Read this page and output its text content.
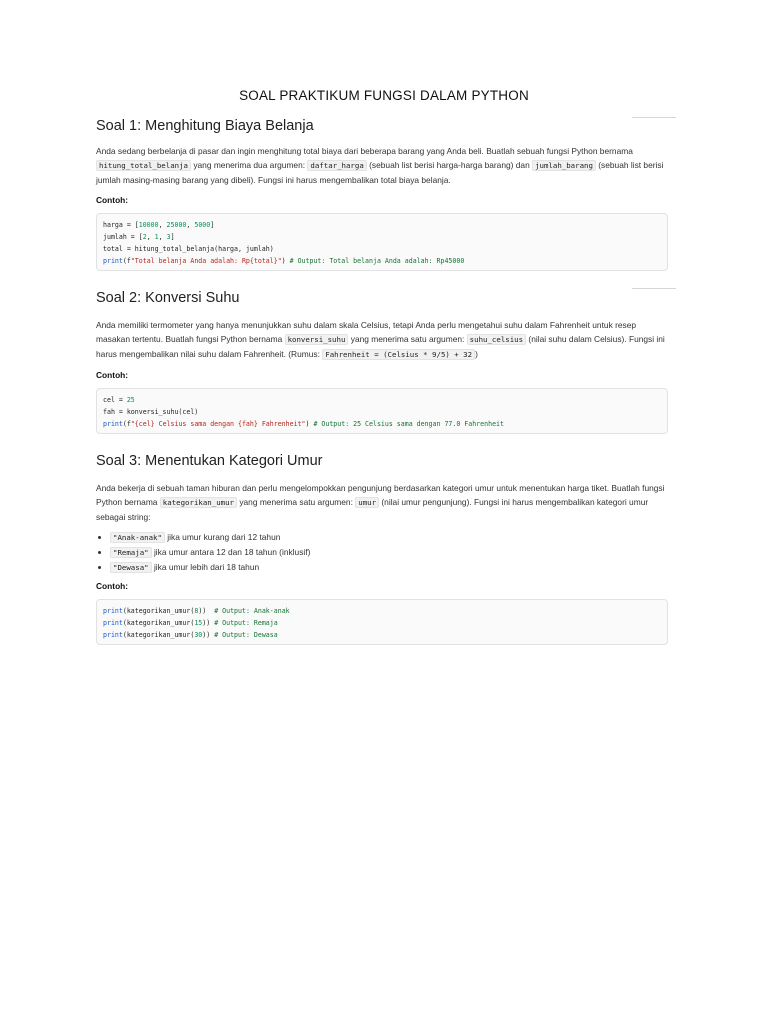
SOAL PRAKTIKUM FUNGSI DALAM PYTHON
Soal 1: Menghitung Biaya Belanja

Anda sedang berbelanja di pasar dan ingin menghitung total biaya dari beberapa barang yang Anda beli. Buatlah sebuah fungsi Python bernama hitung_total_belanja yang menerima dua argumen: daftar_harga (sebuah list berisi harga-harga barang) dan jumlah_barang (sebuah list berisi jumlah masing-masing barang yang dibeli). Fungsi ini harus mengembalikan total biaya belanja.

Contoh:

harga = [10000, 25000, 5000]
jumlah = [2, 1, 3]
total = hitung_total_belanja(harga, jumlah)
print(f"Total belanja Anda adalah: Rp{total}") # Output: Total belanja Anda adalah: Rp45000
Soal 2: Konversi Suhu

Anda memiliki termometer yang hanya menunjukkan suhu dalam skala Celsius, tetapi Anda perlu mengetahui suhu dalam Fahrenheit untuk resep masakan tertentu. Buatlah fungsi Python bernama konversi_suhu yang menerima satu argumen: suhu_celsius (nilai suhu dalam Celsius). Fungsi ini harus mengembalikan nilai suhu dalam Fahrenheit. (Rumus: Fahrenheit = (Celsius * 9/5) + 32 )

Contoh:

cel = 25
fah = konversi_suhu(cel)
print(f"{cel} Celsius sama dengan {fah} Fahrenheit") # Output: 25 Celsius sama dengan 77.0 Fahrenheit
Soal 3: Menentukan Kategori Umur

Anda bekerja di sebuah taman hiburan dan perlu mengelompokkan pengunjung berdasarkan kategori umur untuk menentukan harga tiket. Buatlah fungsi Python bernama kategorikan_umur yang menerima satu argumen: umur (nilai umur pengunjung). Fungsi ini harus mengembalikan kategori umur sebagai string:

• "Anak-anak" jika umur kurang dari 12 tahun
• "Remaja" jika umur antara 12 dan 18 tahun (inklusif)
• "Dewasa" jika umur lebih dari 18 tahun

Contoh:

print(kategorikan_umur(8))  # Output: Anak-anak
print(kategorikan_umur(15)) # Output: Remaja
print(kategorikan_umur(30)) # Output: Dewasa
